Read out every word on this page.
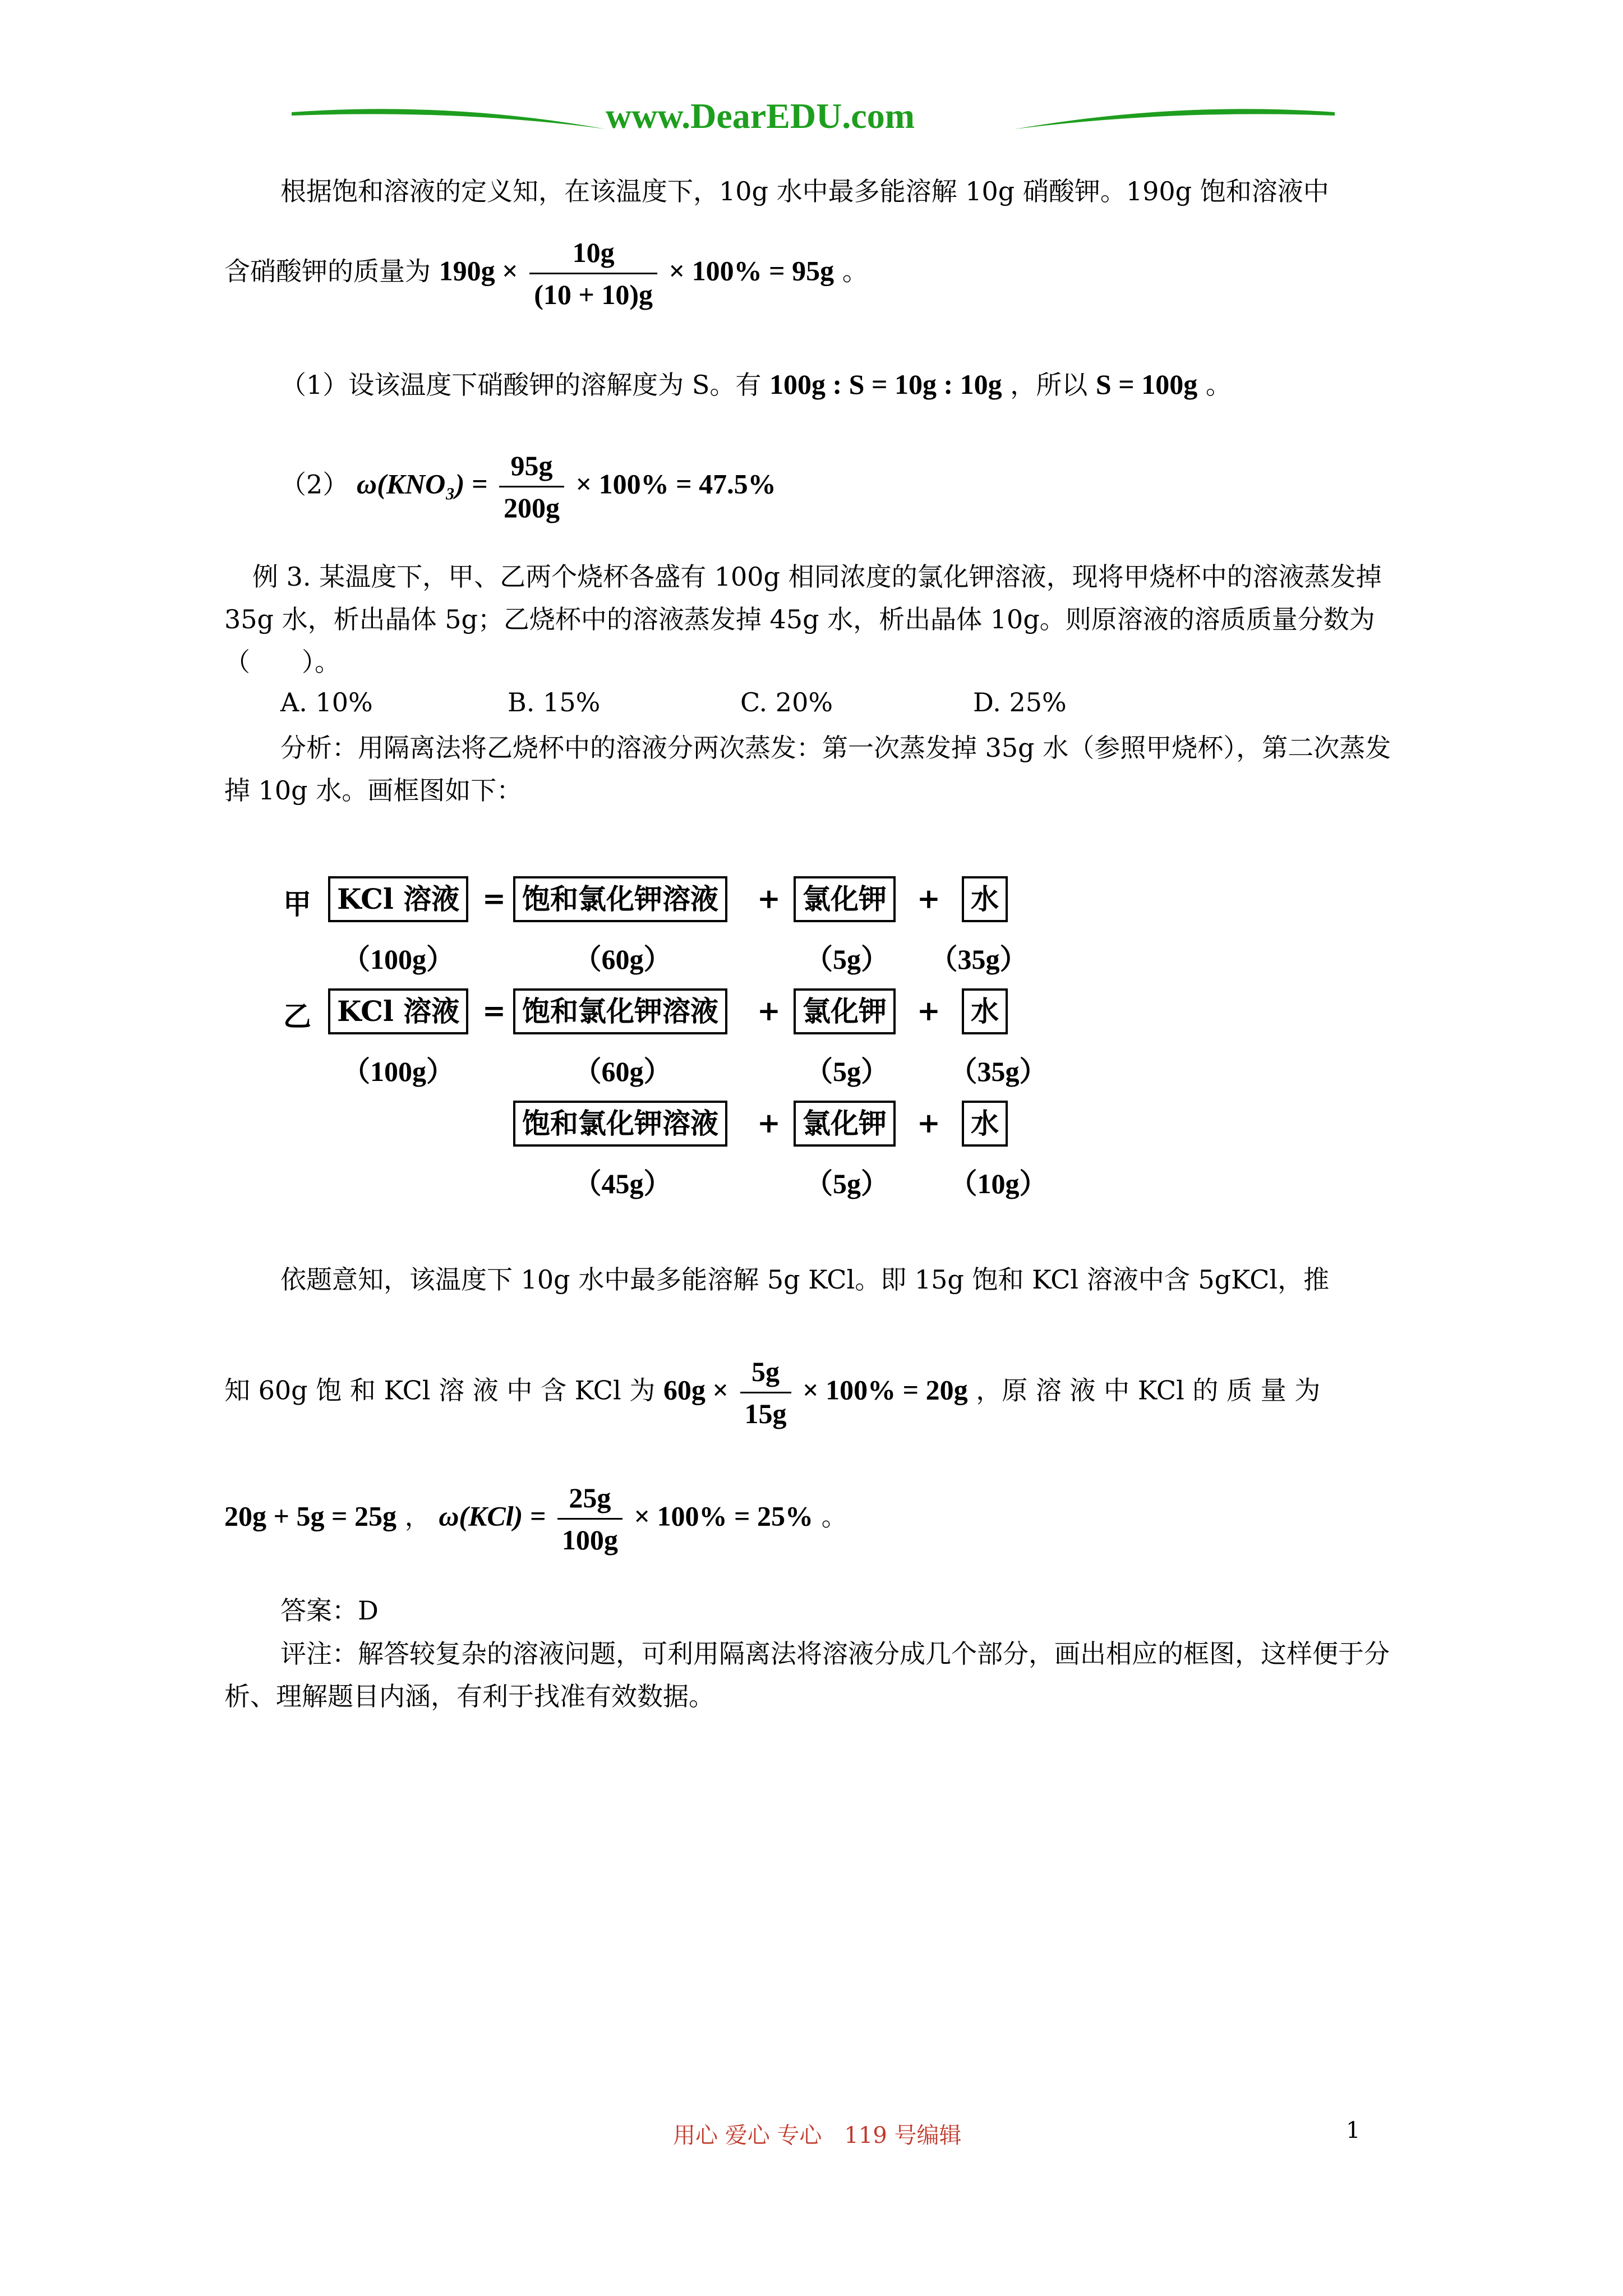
www.DearEDU.com
根据饱和溶液的定义知，在该温度下，10g 水中最多能溶解 10g 硝酸钾。190g 饱和溶液中
含硝酸钾的质量为 $190g \times \frac{10g}{(10 + 10)g} \times 100\% = 95g$ 。
（1）设该温度下硝酸钾的溶解度为 S。有 100g : S = 10g : 10g ，所以 S = 100g 。
（2） $\omega(KNO_3) = \frac{95g}{200g} \times 100\% = 47.5\%$
例 3. 某温度下，甲、乙两个烧杯各盛有 100g 相同浓度的氯化钾溶液，现将甲烧杯中的溶液蒸发掉 35g 水，析出晶体 5g；乙烧杯中的溶液蒸发掉 45g 水，析出晶体 10g。则原溶液的溶质质量分数为（　　）。
A. 10%	B. 15%	C. 20%	D. 25%
分析：用隔离法将乙烧杯中的溶液分两次蒸发：第一次蒸发掉 35g 水（参照甲烧杯），第二次蒸发掉 10g 水。画框图如下：
甲 KCl 溶液 = 饱和氯化钾溶液	+ 氯化钾	+	水
（100g）	（60g）	（5g）	（35g）
乙 KCl 溶液 = 饱和氯化钾溶液	+ 氯化钾	+	水
（100g）	（60g）	（5g）	（35g）
饱和氯化钾溶液	+ 氯化钾	+	水
（45g）	（5g）	（10g）
依题意知，该温度下 10g 水中最多能溶解 5g KCl。即 15g 饱和 KCl 溶液中含 5gKCl，推
知 60g 饱 和 KCl 溶 液 中 含 KCl 为 $60g \times \frac{5g}{15g} \times 100\% = 20g$ ，原 溶 液 中 KCl 的 质 量 为
20g + 5g = 25g ， $\omega(KCl) = \frac{25g}{100g} \times 100\% = 25\%$ 。
答案：D
评注：解答较复杂的溶液问题，可利用隔离法将溶液分成几个部分，画出相应的框图，这样便于分析、理解题目内涵，有利于找准有效数据。
用心 爱心 专心　119 号编辑	1
